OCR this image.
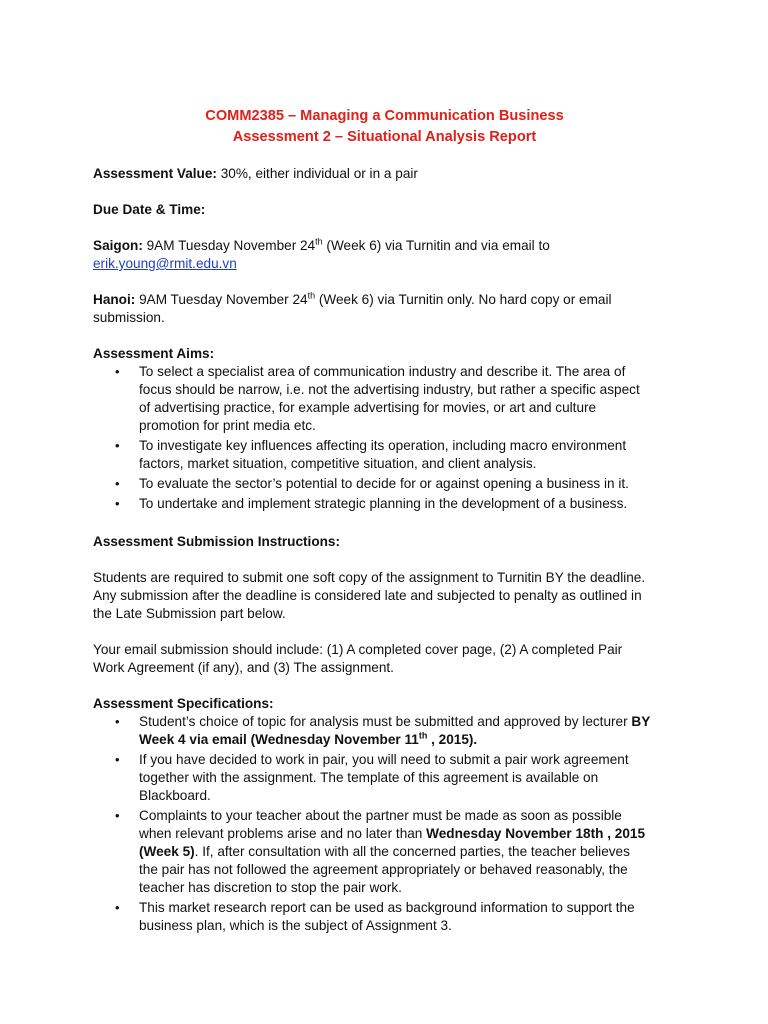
COMM2385 – Managing a Communication Business
Assessment 2 – Situational Analysis Report

Assessment Value: 30%, either individual or in a pair

Due Date & Time:

Saigon: 9AM Tuesday November 24th (Week 6) via Turnitin and via email to
erik.young@rmit.edu.vn

Hanoi: 9AM Tuesday November 24th (Week 6) via Turnitin only. No hard copy or email
submission.

Assessment Aims:

• To select a specialist area of communication industry and describe it. The area of
focus should be narrow, i.e. not the advertising industry, but rather a specific aspect
of advertising practice, for example advertising for movies, or art and culture
promotion for print media etc.
• To investigate key influences affecting its operation, including macro environment
factors, market situation, competitive situation, and client analysis.
• To evaluate the sector’s potential to decide for or against opening a business in it.
• To undertake and implement strategic planning in the development of a business.

Assessment Submission Instructions:

Students are required to submit one soft copy of the assignment to Turnitin BY the deadline.
Any submission after the deadline is considered late and subjected to penalty as outlined in
the Late Submission part below.

Your email submission should include: (1) A completed cover page, (2) A completed Pair
Work Agreement (if any), and (3) The assignment.

Assessment Specifications:

• Student’s choice of topic for analysis must be submitted and approved by lecturer BY
Week 4 via email (Wednesday November 11th , 2015).
• If you have decided to work in pair, you will need to submit a pair work agreement
together with the assignment. The template of this agreement is available on
Blackboard.
• Complaints to your teacher about the partner must be made as soon as possible
when relevant problems arise and no later than Wednesday November 18th , 2015
(Week 5). If, after consultation with all the concerned parties, the teacher believes
the pair has not followed the agreement appropriately or behaved reasonably, the
teacher has discretion to stop the pair work.
• This market research report can be used as background information to support the
business plan, which is the subject of Assignment 3.
